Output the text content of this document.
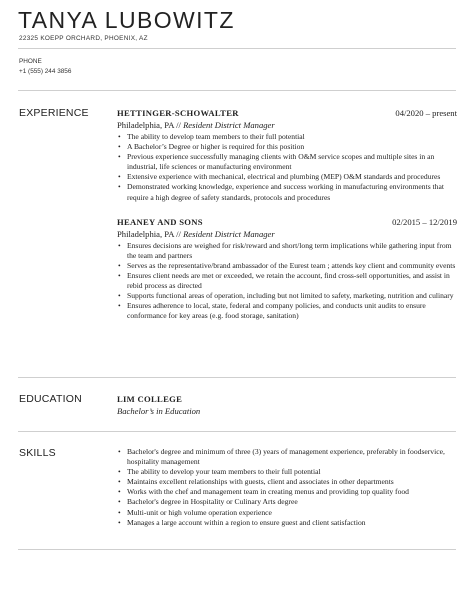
TANYA LUBOWITZ
22325 KOEPP ORCHARD, PHOENIX, AZ
PHONE
+1 (555) 244 3856
EXPERIENCE	HETTINGER-SCHOWALTER	04/2020 – present
Philadelphia, PA // Resident District Manager
• The ability to develop team members to their full potential
• A Bachelor’s Degree or higher is required for this position
• Previous experience successfully managing clients with O&M service scopes and multiple sites in an industrial, life sciences or manufacturing environment
• Extensive experience with mechanical, electrical and plumbing (MEP) O&M standards and procedures
• Demonstrated working knowledge, experience and success working in manufacturing environments that require a high degree of safety standards, protocols and procedures
HEANEY AND SONS	02/2015 – 12/2019
Philadelphia, PA // Resident District Manager
• Ensures decisions are weighed for risk/reward and short/long term implications while gathering input from the team and partners
• Serves as the representative/brand ambassador of the Eurest team ; attends key client and community events
• Ensures client needs are met or exceeded, we retain the account, find cross-sell opportunities, and assist in rebid process as directed
• Supports functional areas of operation, including but not limited to safety, marketing, nutrition and culinary
• Ensures adherence to local, state, federal and company policies, and conducts unit audits to ensure conformance for key areas (e.g. food storage, sanitation)
EDUCATION	LIM COLLEGE
Bachelor’s in Education
SKILLS
•	Bachelor's degree and minimum of three (3) years of management experience, preferably in foodservice, hospitality management
• The ability to develop your team members to their full potential
• Maintains excellent relationships with guests, client and associates in other departments
• Works with the chef and management team in creating menus and providing top quality food
• Bachelor's degree in Hospitality or Culinary Arts degree
• Multi-unit or high volume operation experience
• Manages a large account within a region to ensure guest and client satisfaction
